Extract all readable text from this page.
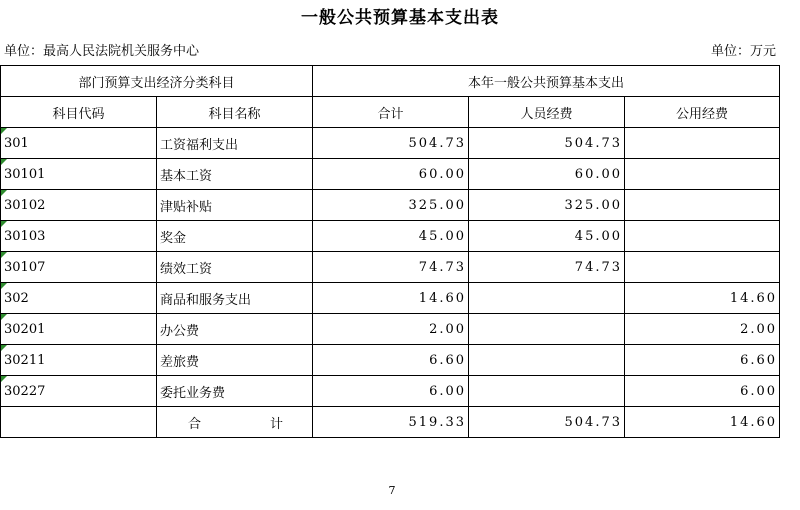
一般公共预算基本支出表
单位：最高人民法院机关服务中心	单位：万元
部门预算支出经济分类科目		本年一般公共预算基本支出		
科目代码	科目名称	合计	人员经费	公用经费

301	工资福利支出	504.73	504.73	

30101	基本工资	60.00	60.00	

30102	津贴补贴	325.00	325.00	

30103	奖金	45.00	45.00	

30107	绩效工资	74.73	74.73	

302	商品和服务支出	14.60		14.60

30201	办公费	2.00		2.00

30211	差旅费	6.60		6.60

30227	委托业务费	6.00		6.00

	合 计	519.33	504.73	14.60
7
